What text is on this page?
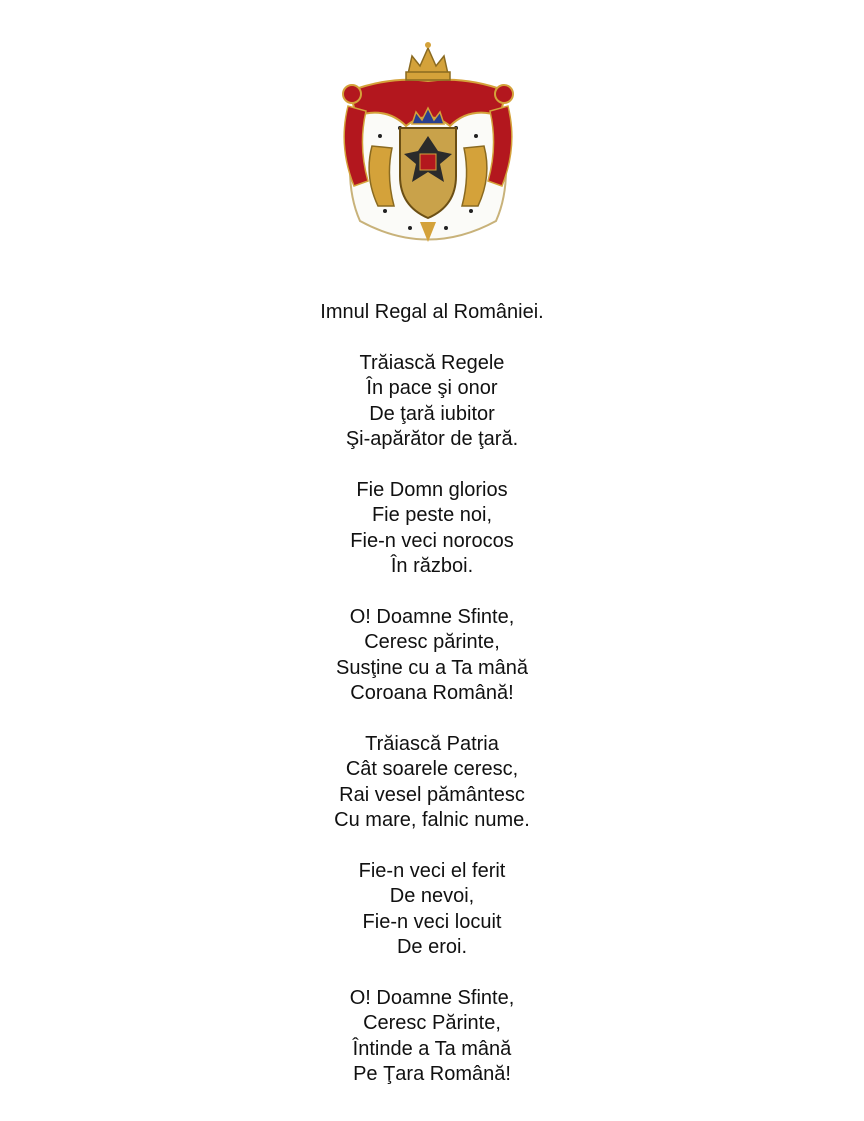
Imnul Regal al României.
Trăiască Regele
În pace şi onor
De ţară iubitor
Şi-apărător de ţară.
Fie Domn glorios
Fie peste noi,
Fie-n veci norocos
În război.
O! Doamne Sfinte,
Ceresc părinte,
Susţine cu a Ta mână
Coroana Română!
Trăiască Patria
Cât soarele ceresc,
Rai vesel pământesc
Cu mare, falnic nume.
Fie-n veci el ferit
De nevoi,
Fie-n veci locuit
De eroi.
O! Doamne Sfinte,
Ceresc Părinte,
Întinde a Ta mână
Pe Ţara Română!
